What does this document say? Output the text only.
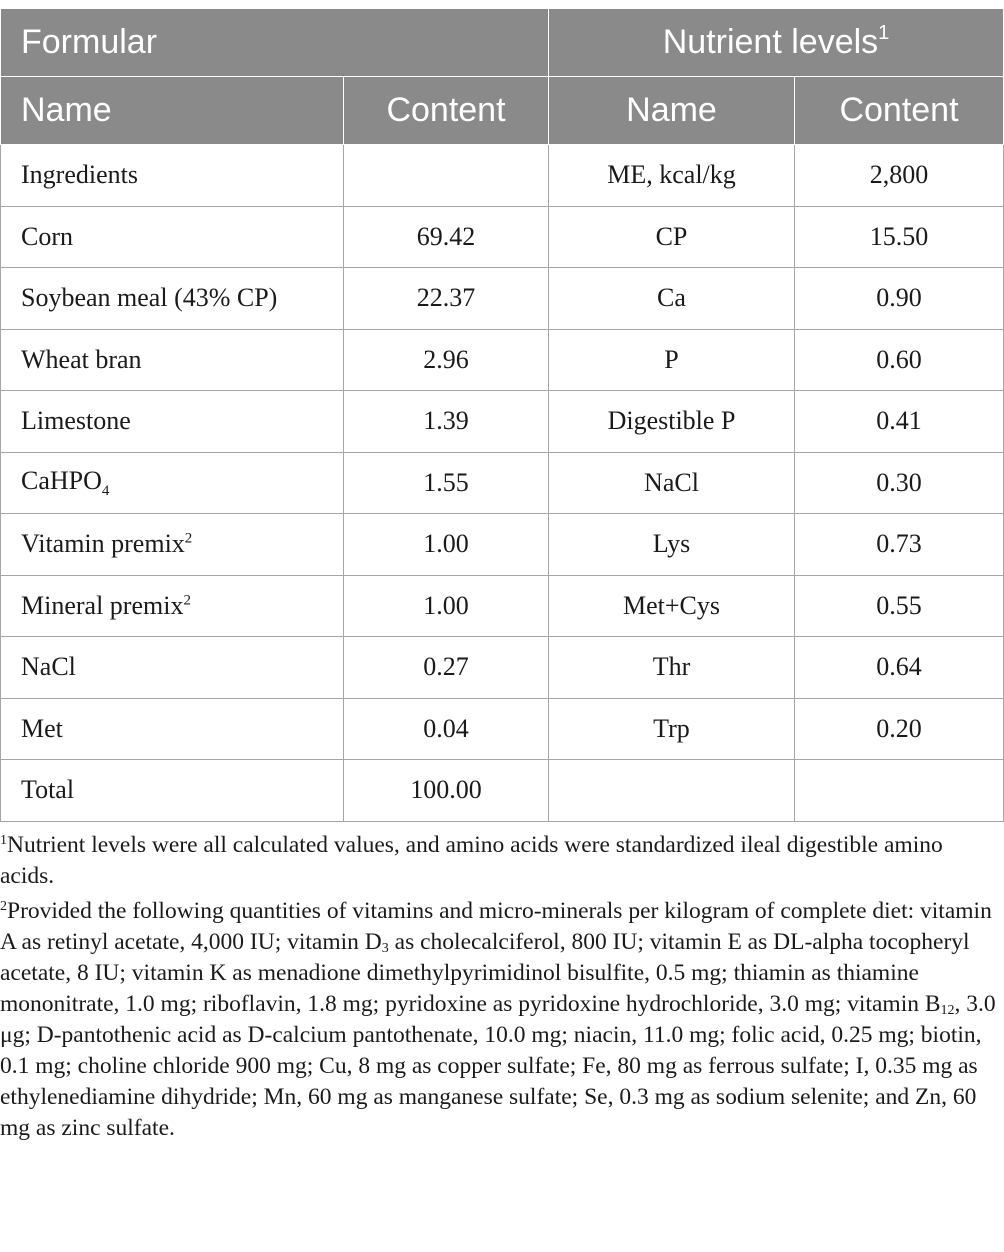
Formular		Nutrient levels$^1$
Name	Content	Name	Content
Ingredients		ME, kcal/kg	2,800
Corn	69.42	CP	15.50
Soybean meal (43% CP)	22.37	Ca	0.90
Wheat bran	2.96	P	0.60
Limestone	1.39	Digestible P	0.41
CaHPO$_4$	1.55	NaCl	0.30
Vitamin premix$^2$	1.00	Lys	0.73
Mineral premix$^2$	1.00	Met+Cys	0.55
NaCl	0.27	Thr	0.64
Met	0.04	Trp	0.20
Total	100.00		

$^1$Nutrient levels were all calculated values, and amino acids were standardized ileal digestible amino acids.

$^2$Provided the following quantities of vitamins and micro-minerals per kilogram of complete diet: vitamin A as retinyl acetate, 4,000 IU; vitamin $D_3$ as cholecalciferol, 800 IU; vitamin E as DL-alpha tocopheryl acetate, 8 IU; vitamin K as menadione dimethylpyrimidinol bisulfite, 0.5 mg; thiamin as thiamine mononitrate, 1.0 mg; riboflavin, 1.8 mg; pyridoxine as pyridoxine hydrochloride, 3.0 mg; vitamin $B_{12}$, 3.0 μg; D-pantothenic acid as D-calcium pantothenate, 10.0 mg; niacin, 11.0 mg; folic acid, 0.25 mg; biotin, 0.1 mg; choline chloride 900 mg; Cu, 8 mg as copper sulfate; Fe, 80 mg as ferrous sulfate; I, 0.35 mg as ethylenediamine dihydride; Mn, 60 mg as manganese sulfate; Se, 0.3 mg as sodium selenite; and Zn, 60 mg as zinc sulfate.
